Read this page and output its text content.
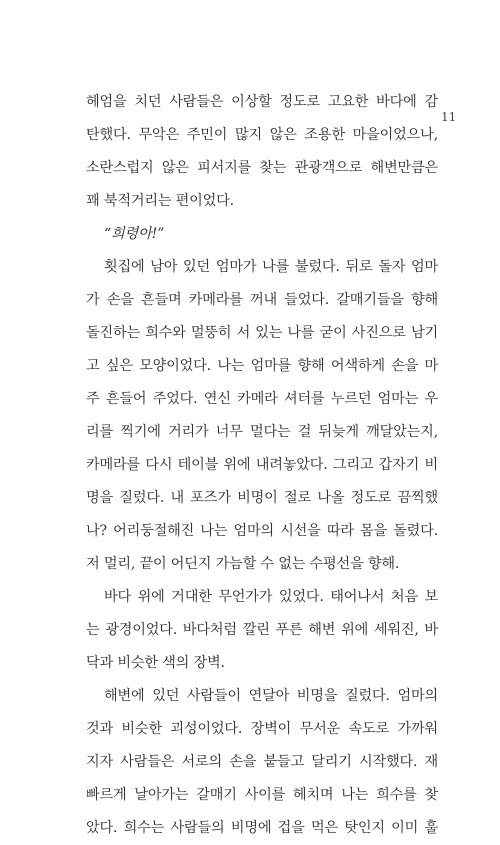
11
헤엄을 치던 사람들은 이상할 정도로 고요한 바다에 감
탄했다. 무악은 주민이 많지 않은 조용한 마을이었으나,
소란스럽지 않은 피서지를 찾는 관광객으로 해변만큼은
꽤 북적거리는 편이었다.
“희령아!”
횟집에 남아 있던 엄마가 나를 불렀다. 뒤로 돌자 엄마
가 손을 흔들며 카메라를 꺼내 들었다. 갈매기들을 향해
돌진하는 희수와 멀뚱히 서 있는 나를 굳이 사진으로 남기
고 싶은 모양이었다. 나는 엄마를 향해 어색하게 손을 마
주 흔들어 주었다. 연신 카메라 셔터를 누르던 엄마는 우
리를 찍기에 거리가 너무 멀다는 걸 뒤늦게 깨달았는지,
카메라를 다시 테이블 위에 내려놓았다. 그리고 갑자기 비
명을 질렀다. 내 포즈가 비명이 절로 나올 정도로 끔찍했
나? 어리둥절해진 나는 엄마의 시선을 따라 몸을 돌렸다.
저 멀리, 끝이 어딘지 가늠할 수 없는 수평선을 향해.
바다 위에 거대한 무언가가 있었다. 태어나서 처음 보
는 광경이었다. 바다처럼 깔린 푸른 해변 위에 세워진, 바
닥과 비슷한 색의 장벽.
해변에 있던 사람들이 연달아 비명을 질렀다. 엄마의
것과 비슷한 괴성이었다. 장벽이 무서운 속도로 가까워
지자 사람들은 서로의 손을 붙들고 달리기 시작했다. 재
빠르게 날아가는 갈매기 사이를 헤치며 나는 희수를 찾
았다. 희수는 사람들의 비명에 겁을 먹은 탓인지 이미 훌
